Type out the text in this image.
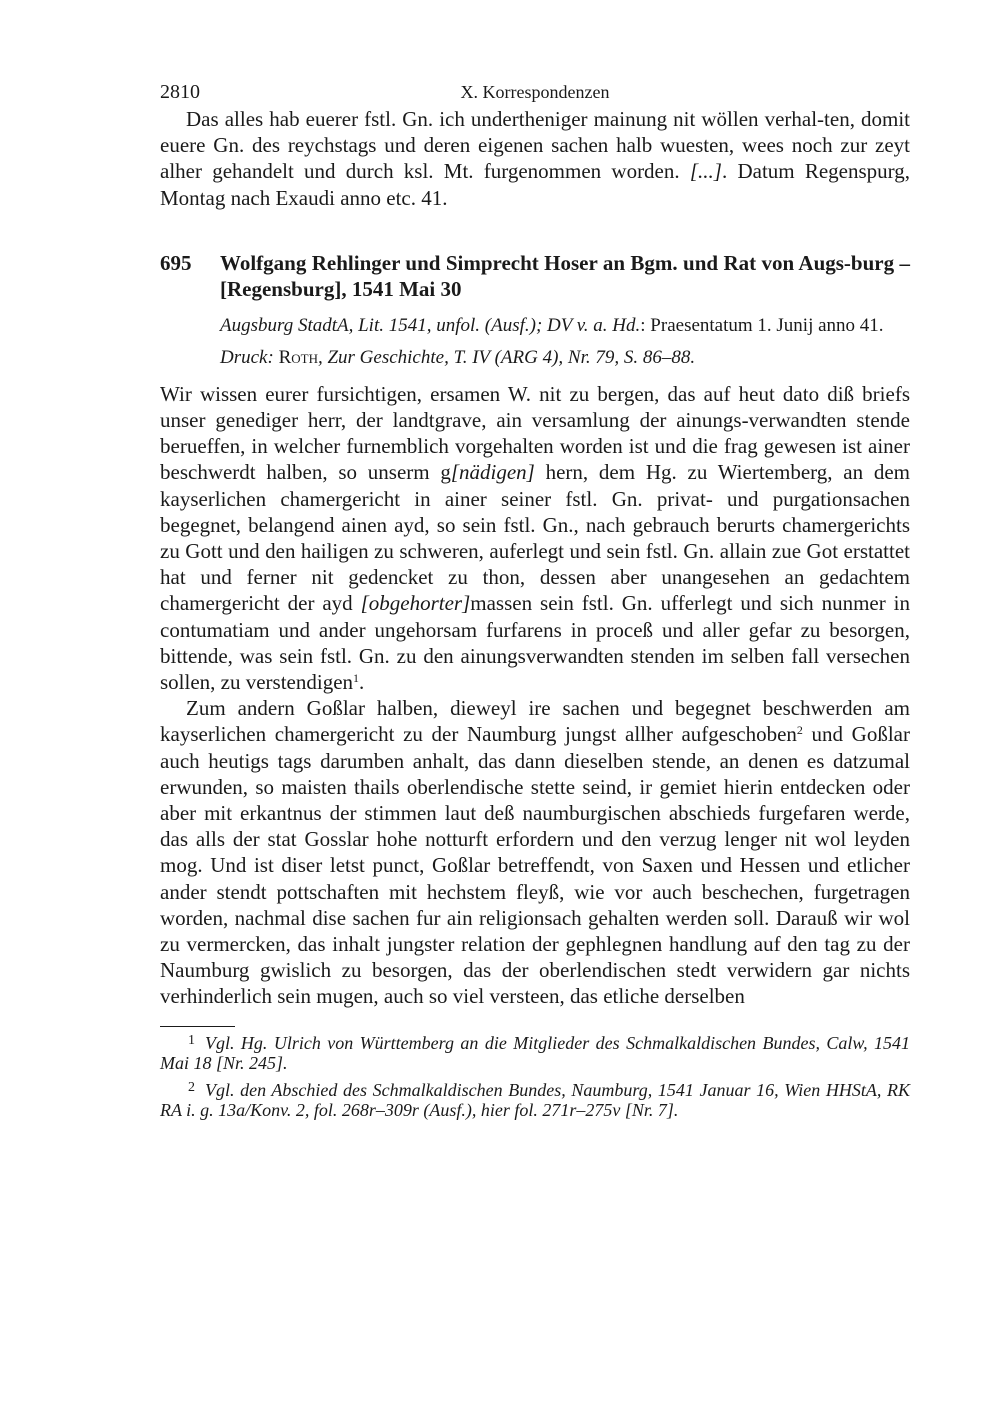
2810	X. Korrespondenzen

Das alles hab euerer fstl. Gn. ich undertheniger mainung nit wöllen verhal-ten, domit euere Gn. des reychstags und deren eigenen sachen halb wuesten, wees noch zur zeyt alher gehandelt und durch ksl. Mt. furgenommen worden. [...]. Datum Regenspurg, Montag nach Exaudi anno etc. 41.

695 Wolfgang Rehlinger und Simprecht Hoser an Bgm. und Rat von Augs-burg – [Regensburg], 1541 Mai 30

Augsburg StadtA, Lit. 1541, unfol. (Ausf.); DV v. a. Hd.: Praesentatum 1. Junij anno 41.

Druck: Roth, Zur Geschichte, T. IV (ARG 4), Nr. 79, S. 86–88.

Wir wissen eurer fursichtigen, ersamen W. nit zu bergen, das auf heut dato diß briefs unser genediger herr, der landtgrave, ain versamlung der ainungs-verwandten stende berueffen, in welcher furnemblich vorgehalten worden ist und die frag gewesen ist ainer beschwerdt halben, so unserm g[nädigen] hern, dem Hg. zu Wiertemberg, an dem kayserlichen chamergericht in ainer seiner fstl. Gn. privat- und purgationsachen begegnet, belangend ainen ayd, so sein fstl. Gn., nach gebrauch berurts chamergerichts zu Gott und den hailigen zu schweren, auferlegt und sein fstl. Gn. allain zue Got erstattet hat und ferner nit gedencket zu thon, dessen aber unangesehen an gedachtem chamergericht der ayd [obgehorter]massen sein fstl. Gn. ufferlegt und sich nunmer in contumatiam und ander ungehorsam furfarens in proceß und aller gefar zu besorgen, bittende, was sein fstl. Gn. zu den ainungsverwandten stenden im selben fall versechen sollen, zu verstendigen$^1$.

Zum andern Goßlar halben, dieweyl ire sachen und begegnet beschwerden am kayserlichen chamergericht zu der Naumburg jungst allher aufgeschoben$^2$ und Goßlar auch heutigs tags darumben anhalt, das dann dieselben stende, an denen es datzumal erwunden, so maisten thails oberlendische stette seind, ir gemiet hierin entdecken oder aber mit erkantnus der stimmen laut deß naumburgischen abschieds furgefaren werde, das alls der stat Gosslar hohe notturft erfordern und den verzug lenger nit wol leyden mog. Und ist diser letst punct, Goßlar betreffendt, von Saxen und Hessen und etlicher ander stendt pottschaften mit hechstem fleyß, wie vor auch beschechen, furgetragen worden, nachmal dise sachen fur ain religionsach gehalten werden soll. Darauß wir wol zu vermercken, das inhalt jungster relation der gephlegnen handlung auf den tag zu der Naumburg gwislich zu besorgen, das der oberlendischen stedt verwidern gar nichts verhinderlich sein mugen, auch so viel versteen, das etliche derselben

$^1$ Vgl. Hg. Ulrich von Württemberg an die Mitglieder des Schmalkaldischen Bundes, Calw, 1541 Mai 18 [Nr. 245].

$^2$ Vgl. den Abschied des Schmalkaldischen Bundes, Naumburg, 1541 Januar 16, Wien HHStA, RK RA i. g. 13a/Konv. 2, fol. 268r–309r (Ausf.), hier fol. 271r–275v [Nr. 7].
